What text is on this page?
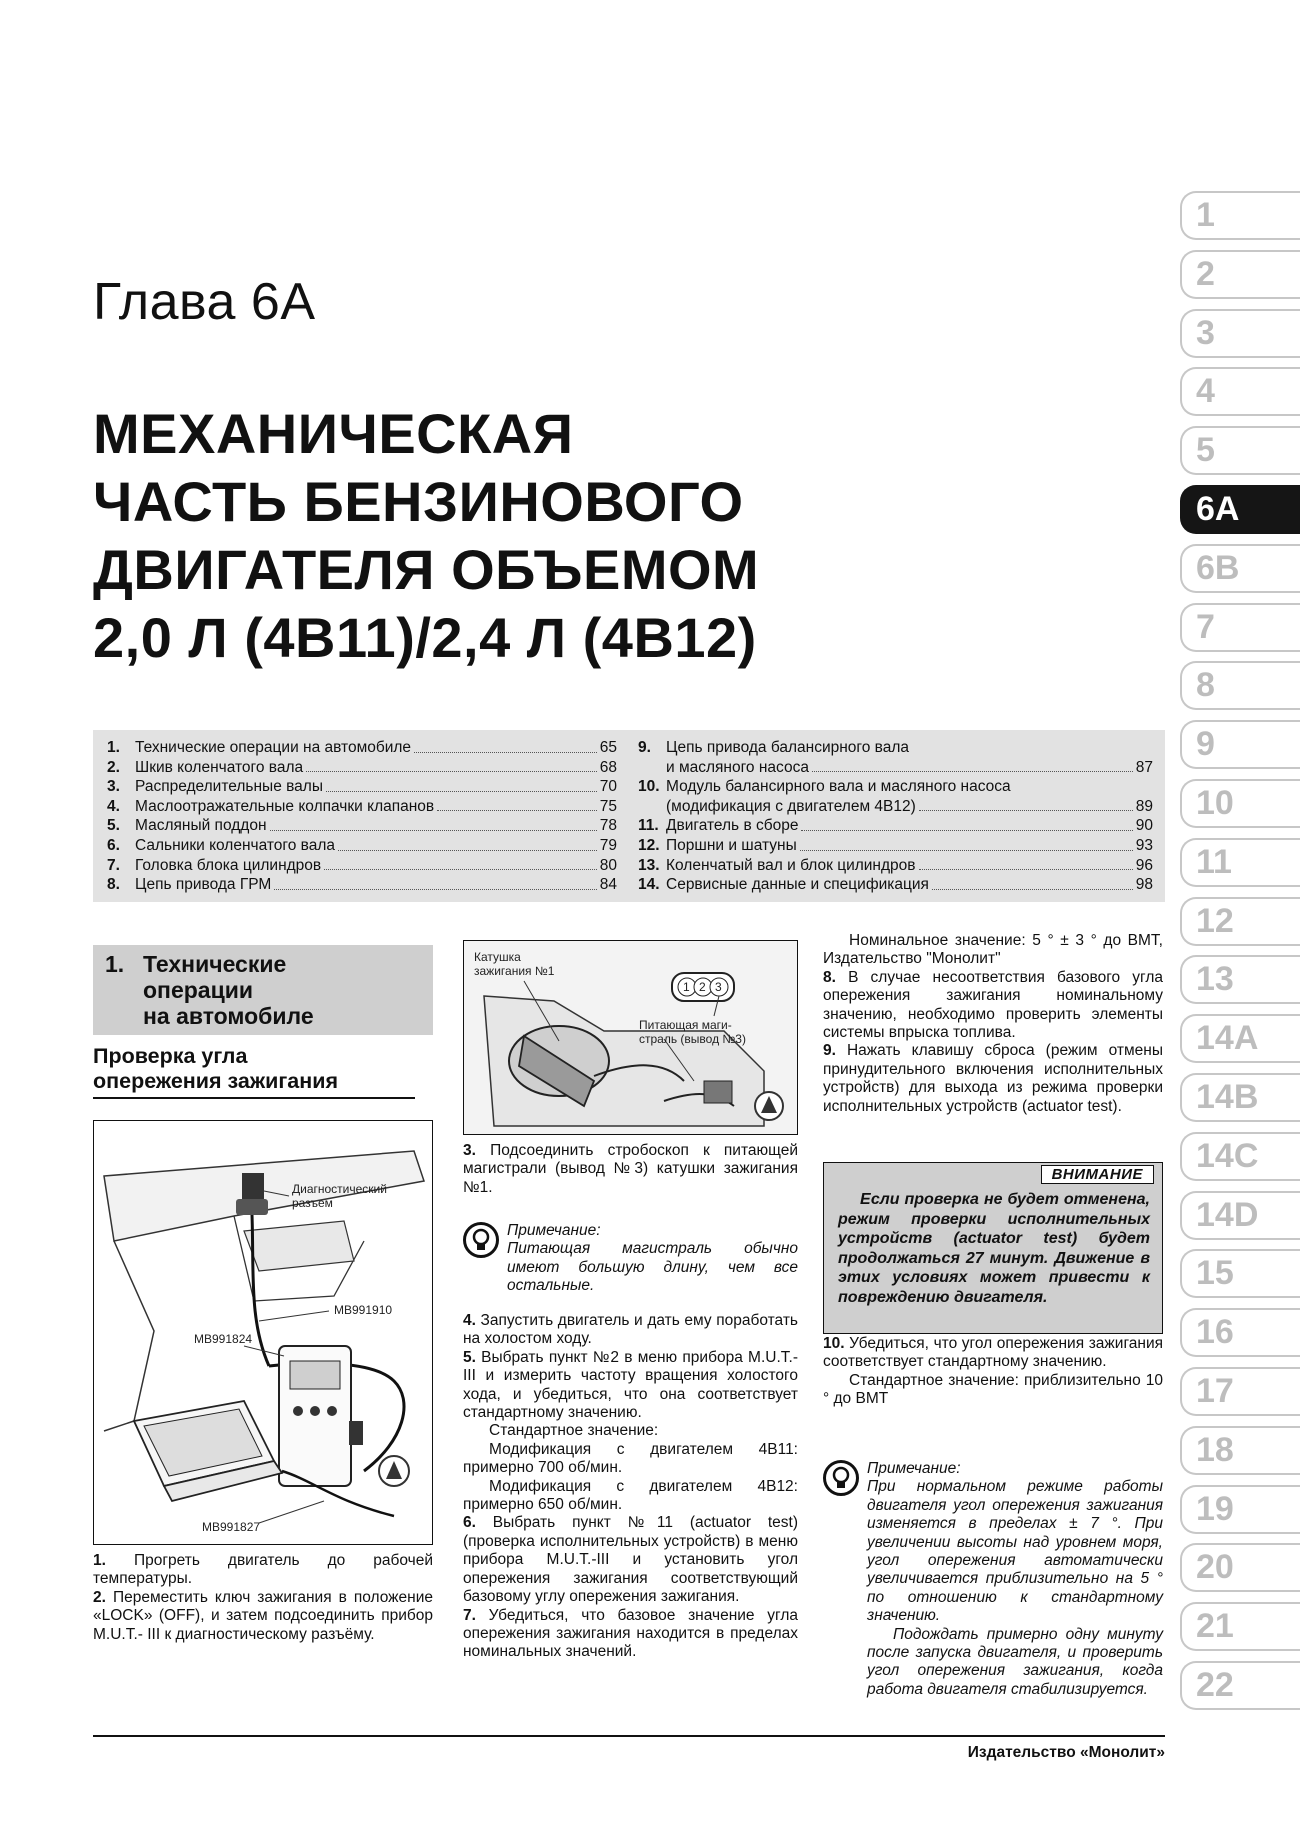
Глава 6А
МЕХАНИЧЕСКАЯ
ЧАСТЬ БЕНЗИНОВОГО
ДВИГАТЕЛЯ ОБЪЕМОМ
2,0 Л (4B11)/2,4 Л (4B12)
1
2
3
4
5
6A
6B
7
8
9
10
11
12
13
14A
14B
14C
14D
15
16
17
18
19
20
21
22
1. Технические операции на автомобиле	65
2. Шкив коленчатого вала	68
3. Распределительные валы	70
4. Маслоотражательные колпачки клапанов	75
5. Масляный поддон	78
6. Сальники коленчатого вала	79
7. Головка блока цилиндров	80
8. Цепь привода ГРМ	84
9. Цепь привода балансирного вала
и масляного насоса	87
10. Модуль балансирного вала и масляного насоса
(модификация с двигателем 4B12)	89
11. Двигатель в сборе	90
12. Поршни и шатуны	93
13. Коленчатый вал и блок цилиндров	96
14. Сервисные данные и спецификация	98
1. Технические
операции
на автомобиле
Проверка угла
опережения зажигания
Диагностический
разъем
MB991910
MB991824
MB991827
1 2 3
Катушка
зажигания №1
Питающая маги-
страль (вывод №3)

1. Прогреть двигатель до рабочей температуры.

2. Переместить ключ зажигания в положение «LOCK» (OFF), и затем подсоединить прибор M.U.T.- III к диагностическому разъёму.

3. Подсоединить стробоскоп к питающей магистрали (вывод №3) катушки зажигания №1.

Примечание:
Питающая магистраль обычно имеют большую длину, чем все остальные.

4. Запустить двигатель и дать ему поработать на холостом ходу.

5. Выбрать пункт №2 в меню прибора M.U.T.- III и измерить частоту вращения холостого хода, и убедиться, что она соответствует стандартному значению.

Стандартное значение:

Модификация с двигателем 4B11: примерно 700 об/мин.

Модификация с двигателем 4B12: примерно 650 об/мин.

6. Выбрать пункт №11 (actuator test) (проверка исполнительных устройств) в меню прибора M.U.T.-III и установить угол опережения зажигания соответствующий базовому углу опережения зажигания.

7. Убедиться, что базовое значение угла опережения зажигания находится в пределах номинальных значений.

Номинальное значение: 5 ° ± 3 ° до ВМТ, Издательство "Монолит"

8. В случае несоответствия базового угла опережения зажигания номинальному значению, необходимо проверить элементы системы впрыска топлива.

9. Нажать клавишу сброса (режим отмены принудительного включения исполнительных устройств) для выхода из режима проверки исполнительных устройств (actuator test).

ВНИМАНИЕ
Если проверка не будет отменена, режим проверки исполнительных устройств (actuator test) будет продолжаться 27 минут. Движение в этих условиях может привести к повреждению двигателя.

10. Убедиться, что угол опережения зажигания соответствует стандартному значению.

Стандартное значение: приблизительно 10 ° до ВМТ

Примечание:
При нормальном режиме работы двигателя угол опережения зажигания изменяется в пределах ± 7 °. При увеличении высоты над уровнем моря, угол опережения автоматически увеличивается приблизительно на 5 ° по отношению к стандартному значению.
Подождать примерно одну минуту после запуска двигателя, и проверить угол опережения зажигания, когда работа двигателя стабилизируется.
Издательство «Монолит»
